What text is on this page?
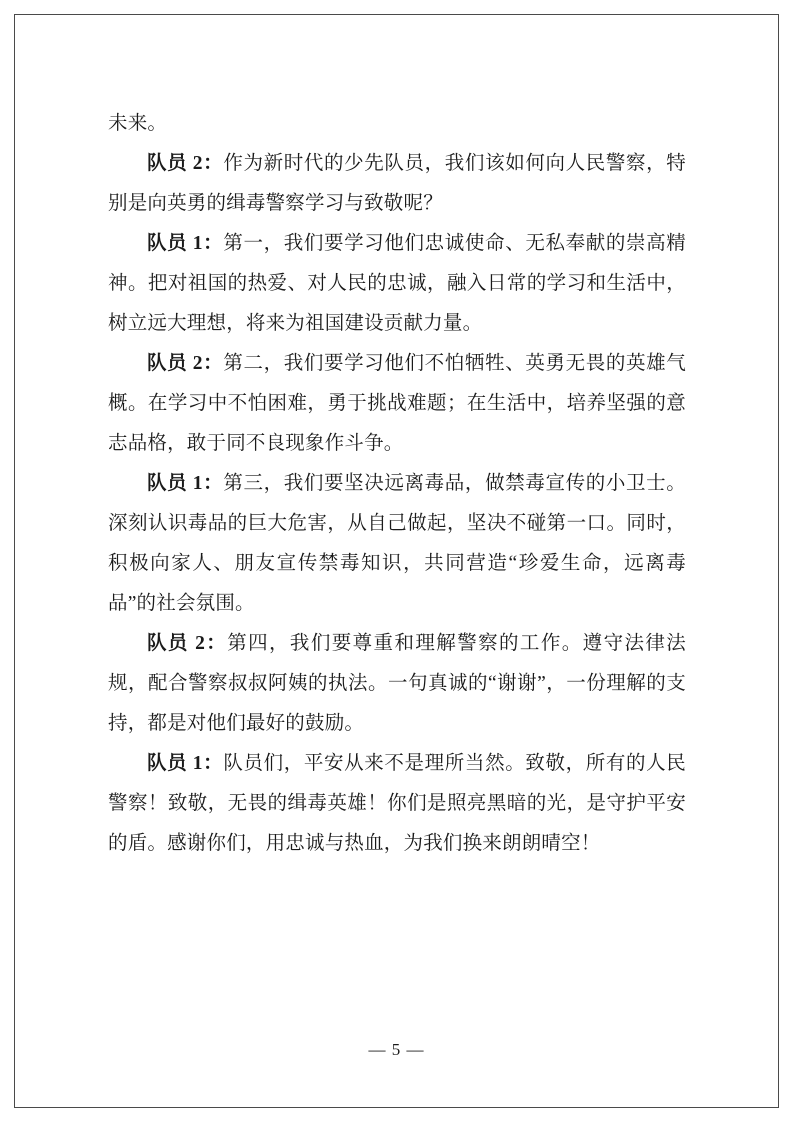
未来。

队员 2：作为新时代的少先队员，我们该如何向人民警察，特别是向英勇的缉毒警察学习与致敬呢？

队员 1：第一，我们要学习他们忠诚使命、无私奉献的崇高精神。把对祖国的热爱、对人民的忠诚，融入日常的学习和生活中，树立远大理想，将来为祖国建设贡献力量。

队员 2：第二，我们要学习他们不怕牺牲、英勇无畏的英雄气概。在学习中不怕困难，勇于挑战难题；在生活中，培养坚强的意志品格，敢于同不良现象作斗争。

队员 1：第三，我们要坚决远离毒品，做禁毒宣传的小卫士。深刻认识毒品的巨大危害，从自己做起，坚决不碰第一口。同时，积极向家人、朋友宣传禁毒知识，共同营造“珍爱生命，远离毒品”的社会氛围。

队员 2：第四，我们要尊重和理解警察的工作。遵守法律法规，配合警察叔叔阿姨的执法。一句真诚的“谢谢”，一份理解的支持，都是对他们最好的鼓励。

队员 1：队员们，平安从来不是理所当然。致敬，所有的人民警察！致敬，无畏的缉毒英雄！你们是照亮黑暗的光，是守护平安的盾。感谢你们，用忠诚与热血，为我们换来朗朗晴空！

— 5 —
